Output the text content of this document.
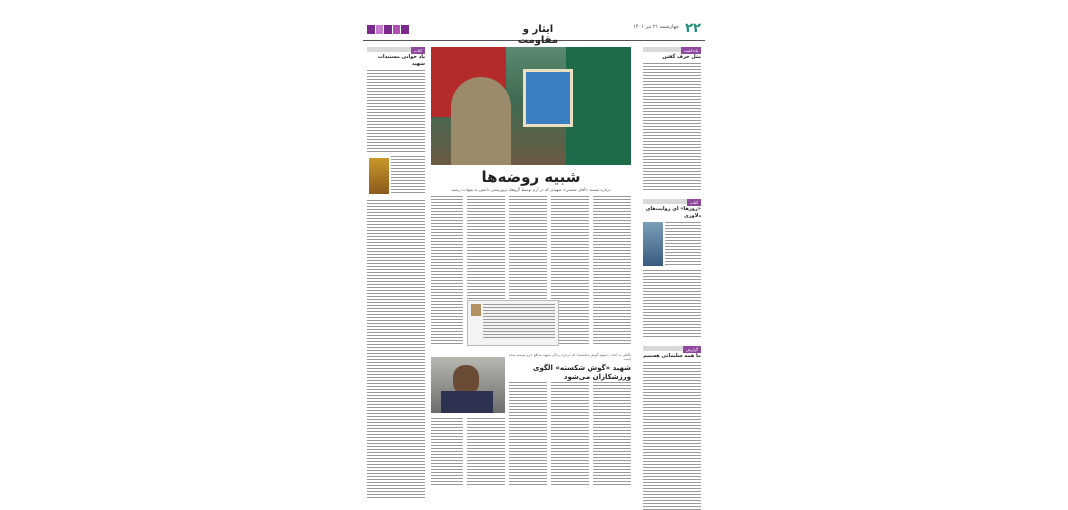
۲۲
چهارشنبه ۲۱ تیر ۱۴۰۱
ایثار و مقاومت
یادداشت
مثل حرف گفتن
کتاب
«روزها» ای روایت‌های دلاوری
گزارش
ما همه سلیمانی هستیم
کتاب
یاد خوانی مستندات شهید
شبیه روضه‌ها
درباره مستند «آقای محسن» شهیدی که در آرم توسط گروهک تروریستی داعش به شهادت رسید
نگاهی به کتاب «شهید گوش شکسته» که درباره زندگی شهید مدافع حرم نوشته شده است
شهید «گوش شکسته» الگوی ورزشکاران می‌شود
